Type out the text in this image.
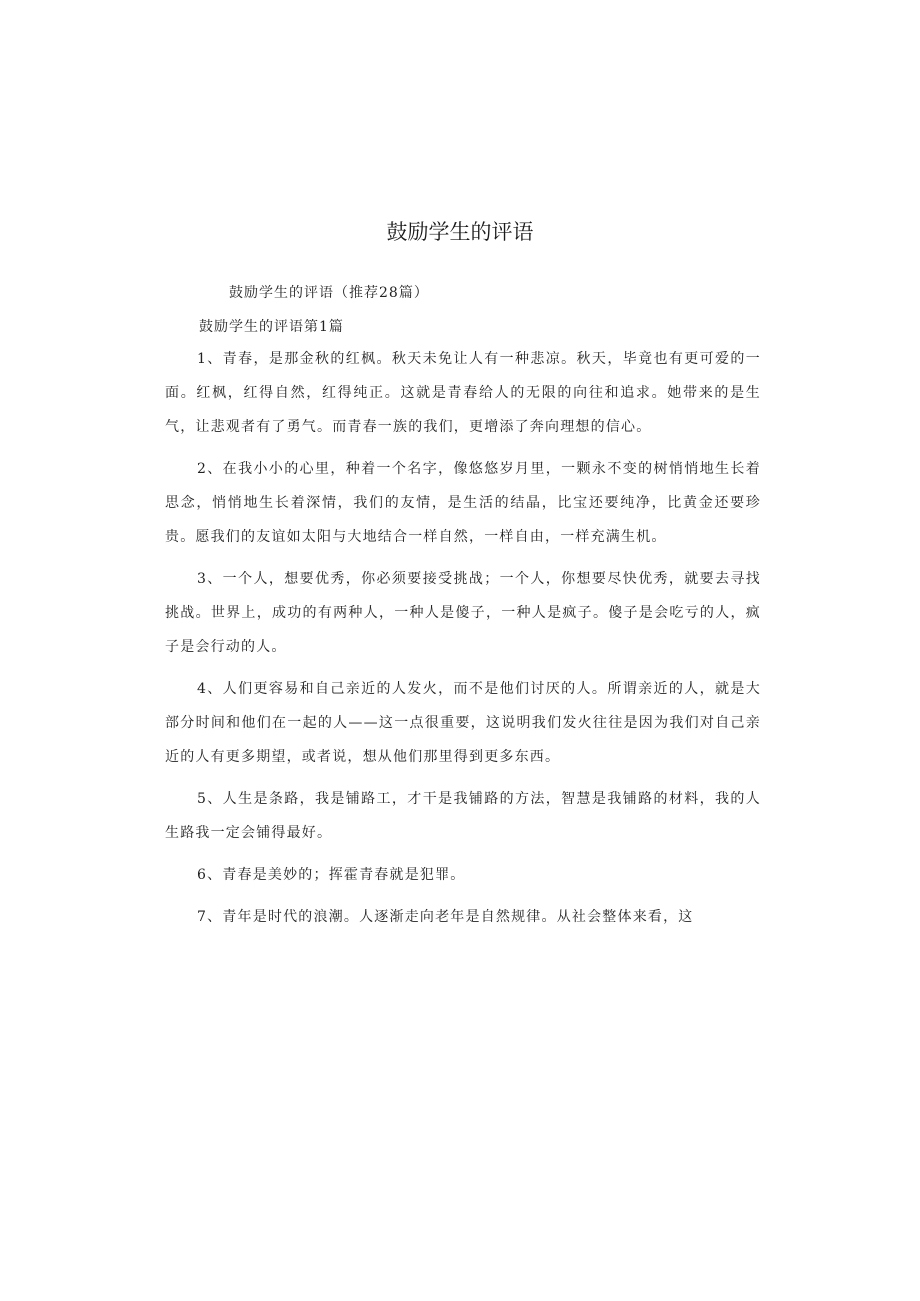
鼓励学生的评语

鼓励学生的评语（推荐28篇）

鼓励学生的评语第1篇

1、青春，是那金秋的红枫。秋天未免让人有一种悲凉。秋天，毕竟也有更可爱的一面。红枫，红得自然，红得纯正。这就是青春给人的无限的向往和追求。她带来的是生气，让悲观者有了勇气。而青春一族的我们，更增添了奔向理想的信心。

2、在我小小的心里，种着一个名字，像悠悠岁月里，一颗永不变的树悄悄地生长着思念，悄悄地生长着深情，我们的友情，是生活的结晶，比宝还要纯净，比黄金还要珍贵。愿我们的友谊如太阳与大地结合一样自然，一样自由，一样充满生机。

3、一个人，想要优秀，你必须要接受挑战；一个人，你想要尽快优秀，就要去寻找挑战。世界上，成功的有两种人，一种人是傻子，一种人是疯子。傻子是会吃亏的人，疯子是会行动的人。

4、人们更容易和自己亲近的人发火，而不是他们讨厌的人。所谓亲近的人，就是大部分时间和他们在一起的人——这一点很重要，这说明我们发火往往是因为我们对自己亲近的人有更多期望，或者说，想从他们那里得到更多东西。

5、人生是条路，我是铺路工，才干是我铺路的方法，智慧是我铺路的材料，我的人生路我一定会铺得最好。

6、青春是美妙的；挥霍青春就是犯罪。

7、青年是时代的浪潮。人逐渐走向老年是自然规律。从社会整体来看，这
